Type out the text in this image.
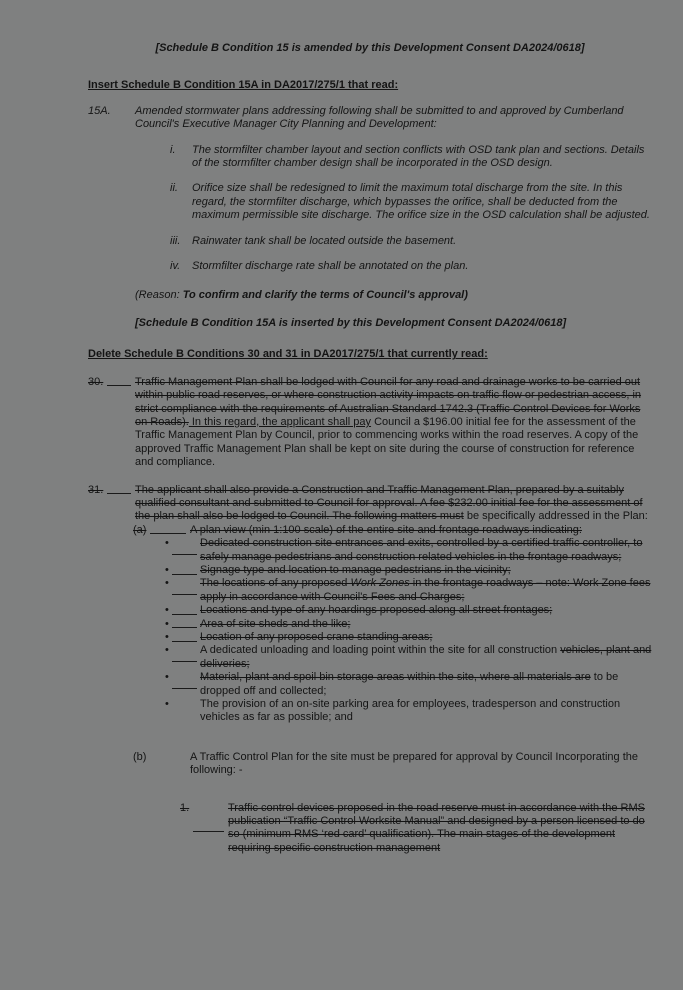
[Schedule B Condition 15 is amended by this Development Consent DA2024/0618]
Insert Schedule B Condition 15A in DA2017/275/1 that read:
15A. Amended stormwater plans addressing following shall be submitted to and approved by Cumberland Council's Executive Manager City Planning and Development:
i.	The stormfilter chamber layout and section conflicts with OSD tank plan and sections. Details of the stormfilter chamber design shall be incorporated in the OSD design.
ii.	Orifice size shall be redesigned to limit the maximum total discharge from the site. In this regard, the stormfilter discharge, which bypasses the orifice, shall be deducted from the maximum permissible site discharge. The orifice size in the OSD calculation shall be adjusted.
iii.	Rainwater tank shall be located outside the basement.
iv.	Stormfilter discharge rate shall be annotated on the plan.
(Reason: To confirm and clarify the terms of Council's approval)
[Schedule B Condition 15A is inserted by this Development Consent DA2024/0618]
Delete Schedule B Conditions 30 and 31 in DA2017/275/1 that currently read:
30.	Traffic Management Plan shall be lodged with Council for any road and drainage works to be carried out within public road reserves, or where construction activity impacts on traffic flow or pedestrian access, in strict compliance with the requirements of Australian Standard 1742.3 (Traffic Control Devices for Works on Roads). In this regard, the applicant shall pay Council a $196.00 initial fee for the assessment of the Traffic Management Plan by Council, prior to commencing works within the road reserves. A copy of the approved Traffic Management Plan shall be kept on site during the course of construction for reference and compliance.
31.	The applicant shall also provide a Construction and Traffic Management Plan, prepared by a suitably qualified consultant and submitted to Council for approval. A fee $232.00 initial fee for the assessment of the plan shall also be lodged to Council. The following matters must be specifically addressed in the Plan:
(a)	A plan view (min 1:100 scale) of the entire site and frontage roadways indicating:
•	Dedicated construction site entrances and exits, controlled by a certified traffic controller, to safely manage pedestrians and construction related vehicles in the frontage roadways;
•	Signage type and location to manage pedestrians in the vicinity;
•	The locations of any proposed Work Zones in the frontage roadways – note: Work Zone fees apply in accordance with Council's Fees and Charges;
•	Locations and type of any hoardings proposed along all street frontages;
•	Area of site sheds and the like;
•	Location of any proposed crane standing areas;
•	A dedicated unloading and loading point within the site for all construction vehicles, plant and deliveries;
•	Material, plant and spoil bin storage areas within the site, where all materials are to be dropped off and collected;
•	The provision of an on-site parking area for employees, tradesperson and construction vehicles as far as possible; and
(b)	A Traffic Control Plan for the site must be prepared for approval by Council Incorporating the following: -
1.	Traffic control devices proposed in the road reserve must in accordance with the RMS publication “Traffic Control Worksite Manual” and designed by a person licensed to do so (minimum RMS ‘red card’ qualification). The main stages of the development requiring specific construction management
